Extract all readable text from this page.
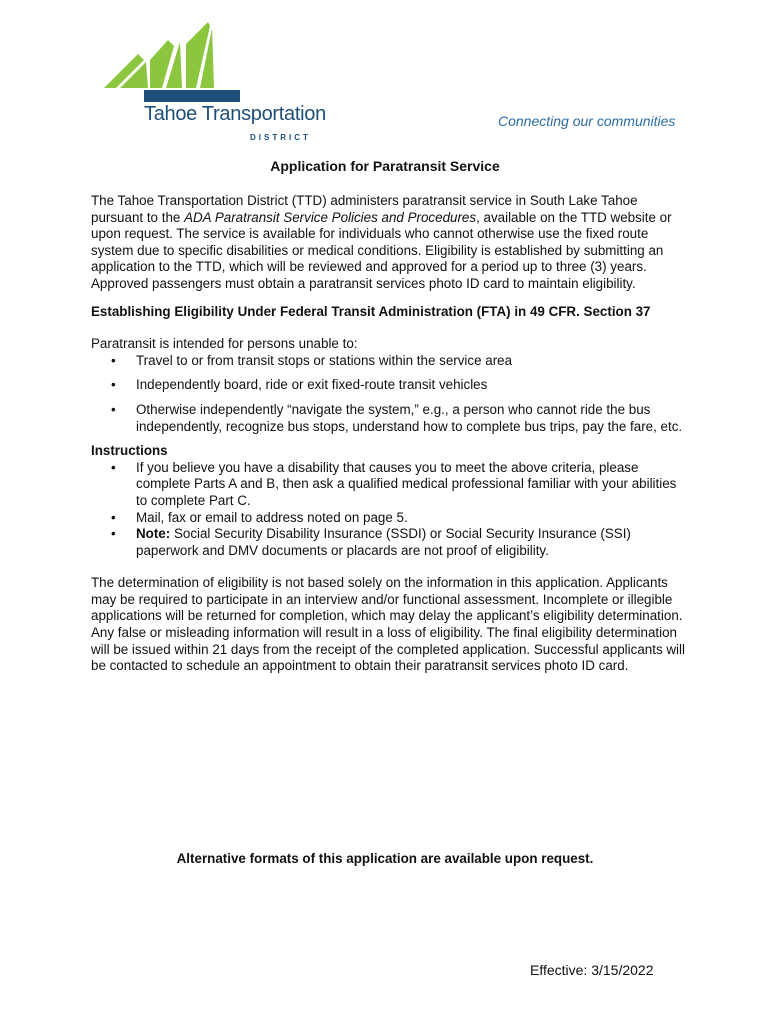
Tahoe Transportation
DISTRICT
Connecting our communities
Application for Paratransit Service

The Tahoe Transportation District (TTD) administers paratransit service in South Lake Tahoe pursuant to the ADA Paratransit Service Policies and Procedures, available on the TTD website or upon request. The service is available for individuals who cannot otherwise use the fixed route system due to specific disabilities or medical conditions. Eligibility is established by submitting an application to the TTD, which will be reviewed and approved for a period up to three (3) years. Approved passengers must obtain a paratransit services photo ID card to maintain eligibility.

Establishing Eligibility Under Federal Transit Administration (FTA) in 49 CFR. Section 37

Paratransit is intended for persons unable to:

• Travel to or from transit stops or stations within the service area
• Independently board, ride or exit fixed-route transit vehicles
• Otherwise independently “navigate the system,” e.g., a person who cannot ride the bus independently, recognize bus stops, understand how to complete bus trips, pay the fare, etc.

Instructions

• If you believe you have a disability that causes you to meet the above criteria, please complete Parts A and B, then ask a qualified medical professional familiar with your abilities to complete Part C.
• Mail, fax or email to address noted on page 5.
• Note: Social Security Disability Insurance (SSDI) or Social Security Insurance (SSI) paperwork and DMV documents or placards are not proof of eligibility.

The determination of eligibility is not based solely on the information in this application. Applicants may be required to participate in an interview and/or functional assessment. Incomplete or illegible applications will be returned for completion, which may delay the applicant’s eligibility determination. Any false or misleading information will result in a loss of eligibility. The final eligibility determination will be issued within 21 days from the receipt of the completed application. Successful applicants will be contacted to schedule an appointment to obtain their paratransit services photo ID card.

Alternative formats of this application are available upon request.
Effective: 3/15/2022
